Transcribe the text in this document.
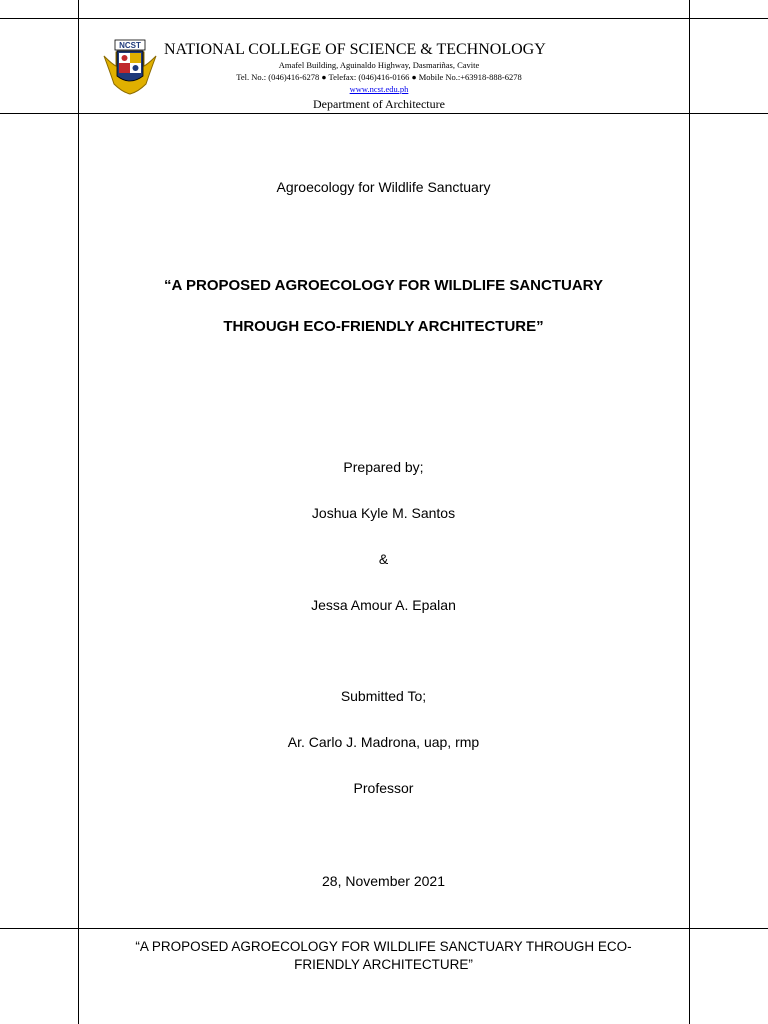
NCST NATIONAL COLLEGE OF SCIENCE & TECHNOLOGY
Amafel Building, Aguinaldo Highway, Dasmariñas, Cavite
Tel. No.: (046)416-6278 ● Telefax: (046)416-0166 ● Mobile No.:+63918-888-6278
www.ncst.edu.ph
Department of Architecture
Agroecology for Wildlife Sanctuary
“A PROPOSED AGROECOLOGY FOR WILDLIFE SANCTUARY
THROUGH ECO-FRIENDLY ARCHITECTURE”
Prepared by;
Joshua Kyle M. Santos
&
Jessa Amour A. Epalan
Submitted To;
Ar. Carlo J. Madrona, uap, rmp
Professor
28, November 2021
“A PROPOSED AGROECOLOGY FOR WILDLIFE SANCTUARY THROUGH ECO-
FRIENDLY ARCHITECTURE”
